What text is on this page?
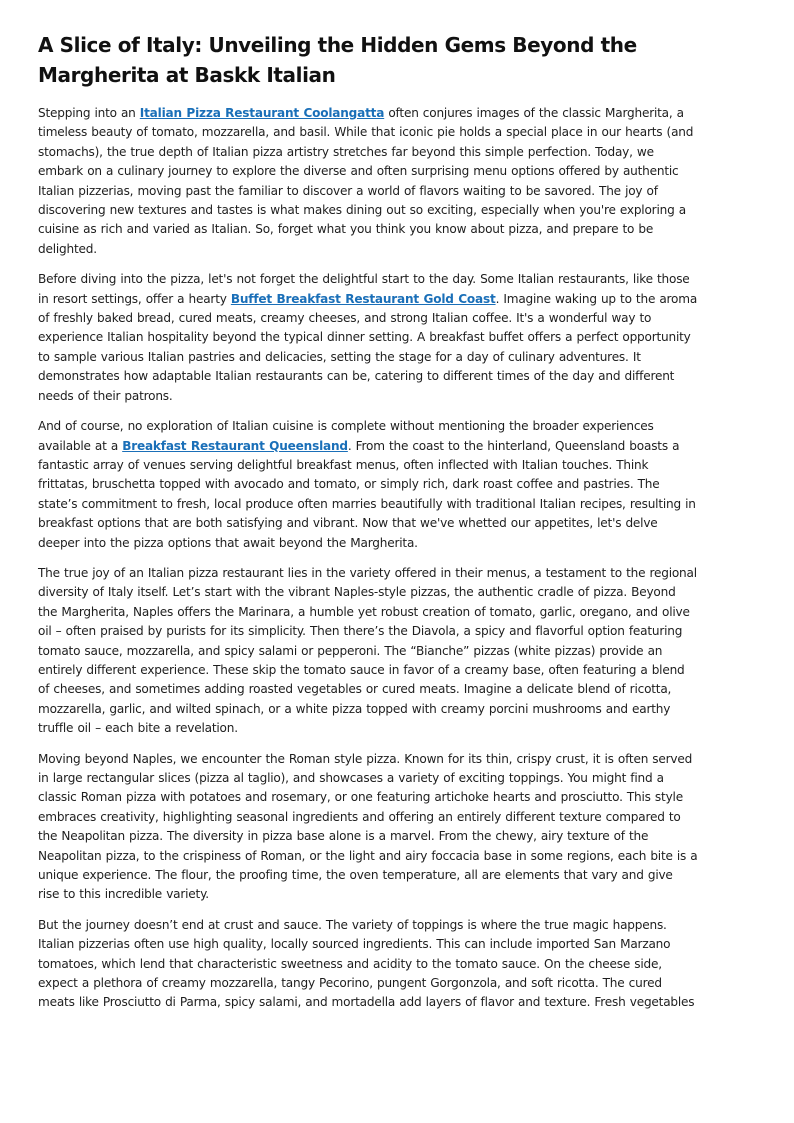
A Slice of Italy: Unveiling the Hidden Gems Beyond the Margherita at Baskk Italian

Stepping into an Italian Pizza Restaurant Coolangatta often conjures images of the classic Margherita, a timeless beauty of tomato, mozzarella, and basil. While that iconic pie holds a special place in our hearts (and stomachs), the true depth of Italian pizza artistry stretches far beyond this simple perfection. Today, we embark on a culinary journey to explore the diverse and often surprising menu options offered by authentic Italian pizzerias, moving past the familiar to discover a world of flavors waiting to be savored. The joy of discovering new textures and tastes is what makes dining out so exciting, especially when you're exploring a cuisine as rich and varied as Italian. So, forget what you think you know about pizza, and prepare to be delighted.

Before diving into the pizza, let's not forget the delightful start to the day. Some Italian restaurants, like those in resort settings, offer a hearty Buffet Breakfast Restaurant Gold Coast. Imagine waking up to the aroma of freshly baked bread, cured meats, creamy cheeses, and strong Italian coffee. It's a wonderful way to experience Italian hospitality beyond the typical dinner setting. A breakfast buffet offers a perfect opportunity to sample various Italian pastries and delicacies, setting the stage for a day of culinary adventures. It demonstrates how adaptable Italian restaurants can be, catering to different times of the day and different needs of their patrons.

And of course, no exploration of Italian cuisine is complete without mentioning the broader experiences available at a Breakfast Restaurant Queensland. From the coast to the hinterland, Queensland boasts a fantastic array of venues serving delightful breakfast menus, often inflected with Italian touches. Think frittatas, bruschetta topped with avocado and tomato, or simply rich, dark roast coffee and pastries. The state’s commitment to fresh, local produce often marries beautifully with traditional Italian recipes, resulting in breakfast options that are both satisfying and vibrant. Now that we've whetted our appetites, let's delve deeper into the pizza options that await beyond the Margherita.

The true joy of an Italian pizza restaurant lies in the variety offered in their menus, a testament to the regional diversity of Italy itself. Let’s start with the vibrant Naples-style pizzas, the authentic cradle of pizza. Beyond the Margherita, Naples offers the Marinara, a humble yet robust creation of tomato, garlic, oregano, and olive oil – often praised by purists for its simplicity. Then there’s the Diavola, a spicy and flavorful option featuring tomato sauce, mozzarella, and spicy salami or pepperoni. The “Bianche” pizzas (white pizzas) provide an entirely different experience. These skip the tomato sauce in favor of a creamy base, often featuring a blend of cheeses, and sometimes adding roasted vegetables or cured meats. Imagine a delicate blend of ricotta, mozzarella, garlic, and wilted spinach, or a white pizza topped with creamy porcini mushrooms and earthy truffle oil – each bite a revelation.

Moving beyond Naples, we encounter the Roman style pizza. Known for its thin, crispy crust, it is often served in large rectangular slices (pizza al taglio), and showcases a variety of exciting toppings. You might find a classic Roman pizza with potatoes and rosemary, or one featuring artichoke hearts and prosciutto. This style embraces creativity, highlighting seasonal ingredients and offering an entirely different texture compared to the Neapolitan pizza. The diversity in pizza base alone is a marvel. From the chewy, airy texture of the Neapolitan pizza, to the crispiness of Roman, or the light and airy foccacia base in some regions, each bite is a unique experience. The flour, the proofing time, the oven temperature, all are elements that vary and give rise to this incredible variety.

But the journey doesn’t end at crust and sauce. The variety of toppings is where the true magic happens. Italian pizzerias often use high quality, locally sourced ingredients. This can include imported San Marzano tomatoes, which lend that characteristic sweetness and acidity to the tomato sauce. On the cheese side, expect a plethora of creamy mozzarella, tangy Pecorino, pungent Gorgonzola, and soft ricotta. The cured meats like Prosciutto di Parma, spicy salami, and mortadella add layers of flavor and texture. Fresh vegetables
